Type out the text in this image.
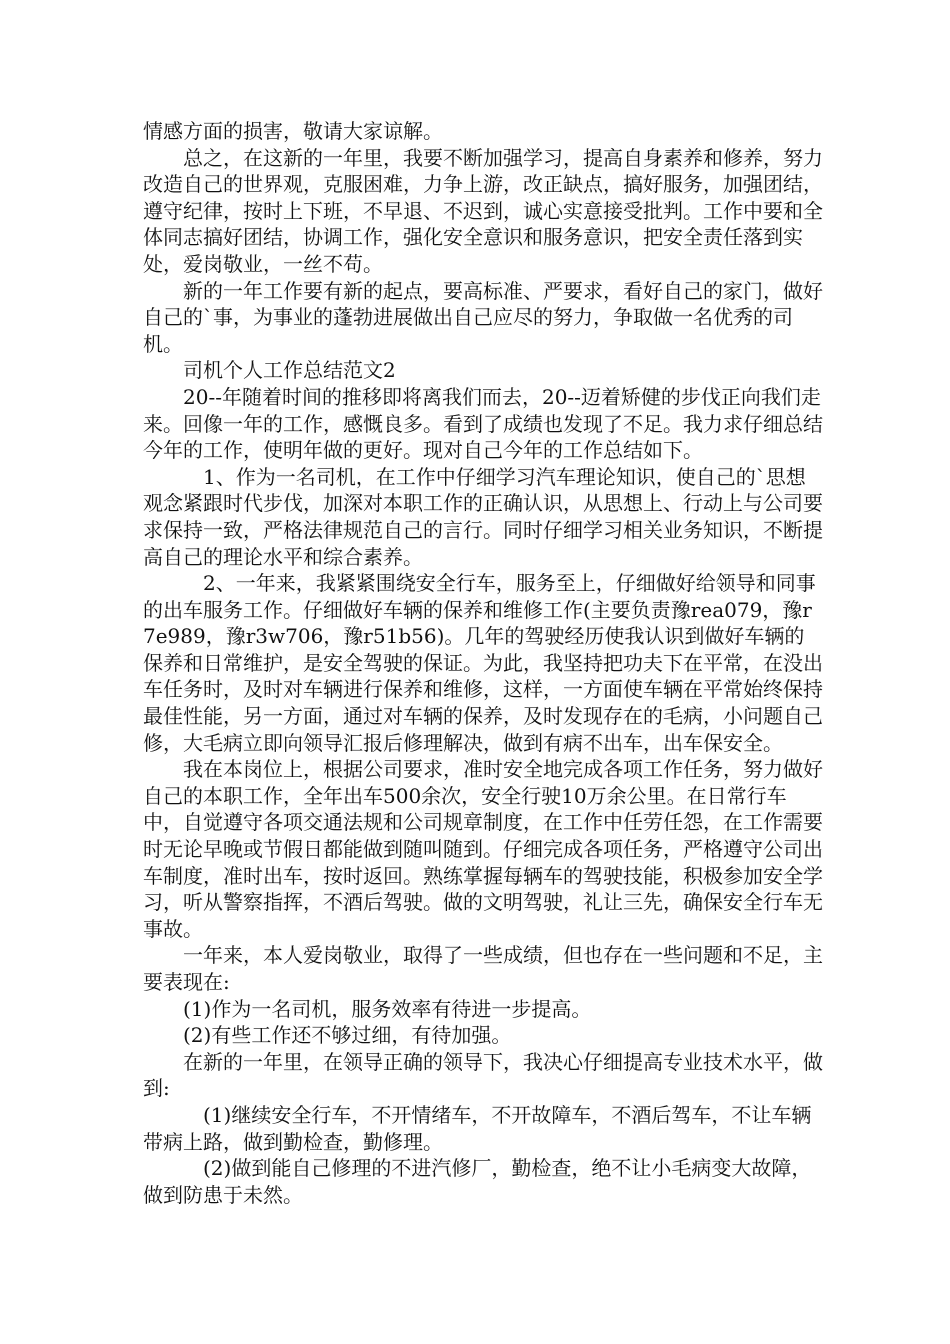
情感方面的损害，敬请大家谅解。

总之，在这新的一年里，我要不断加强学习，提高自身素养和修养，努力改造自己的世界观，克服困难，力争上游，改正缺点，搞好服务，加强团结，遵守纪律，按时上下班，不早退、不迟到，诚心实意接受批判。工作中要和全体同志搞好团结，协调工作，强化安全意识和服务意识，把安全责任落到实处，爱岗敬业，一丝不苟。

新的一年工作要有新的起点，要高标准、严要求，看好自己的家门，做好自己的`事，为事业的蓬勃进展做出自己应尽的努力，争取做一名优秀的司机。

司机个人工作总结范文2

20--年随着时间的推移即将离我们而去，20--迈着矫健的步伐正向我们走来。回像一年的工作，感慨良多。看到了成绩也发现了不足。我力求仔细总结今年的工作，使明年做的更好。现对自己今年的工作总结如下。

1、作为一名司机，在工作中仔细学习汽车理论知识，使自己的`思想观念紧跟时代步伐，加深对本职工作的正确认识，从思想上、行动上与公司要求保持一致，严格法律规范自己的言行。同时仔细学习相关业务知识，不断提高自己的理论水平和综合素养。

2、一年来，我紧紧围绕安全行车，服务至上，仔细做好给领导和同事的出车服务工作。仔细做好车辆的保养和维修工作(主要负责豫rea079，豫r7e989，豫r3w706，豫r51b56)。几年的驾驶经历使我认识到做好车辆的保养和日常维护，是安全驾驶的保证。为此，我坚持把功夫下在平常，在没出车任务时，及时对车辆进行保养和维修，这样，一方面使车辆在平常始终保持最佳性能，另一方面，通过对车辆的保养，及时发现存在的毛病，小问题自己修，大毛病立即向领导汇报后修理解决，做到有病不出车，出车保安全。

我在本岗位上，根据公司要求，准时安全地完成各项工作任务，努力做好自己的本职工作，全年出车500余次，安全行驶10万余公里。在日常行车中，自觉遵守各项交通法规和公司规章制度，在工作中任劳任怨，在工作需要时无论早晚或节假日都能做到随叫随到。仔细完成各项任务，严格遵守公司出车制度，准时出车，按时返回。熟练掌握每辆车的驾驶技能，积极参加安全学习，听从警察指挥，不酒后驾驶。做的文明驾驶，礼让三先，确保安全行车无事故。

一年来，本人爱岗敬业，取得了一些成绩，但也存在一些问题和不足，主要表现在:

(1)作为一名司机，服务效率有待进一步提高。

(2)有些工作还不够过细，有待加强。

在新的一年里，在领导正确的领导下，我决心仔细提高专业技术水平，做到:

(1)继续安全行车，不开情绪车，不开故障车，不酒后驾车，不让车辆带病上路，做到勤检查，勤修理。

(2)做到能自己修理的不进汽修厂，勤检查，绝不让小毛病变大故障，做到防患于未然。
